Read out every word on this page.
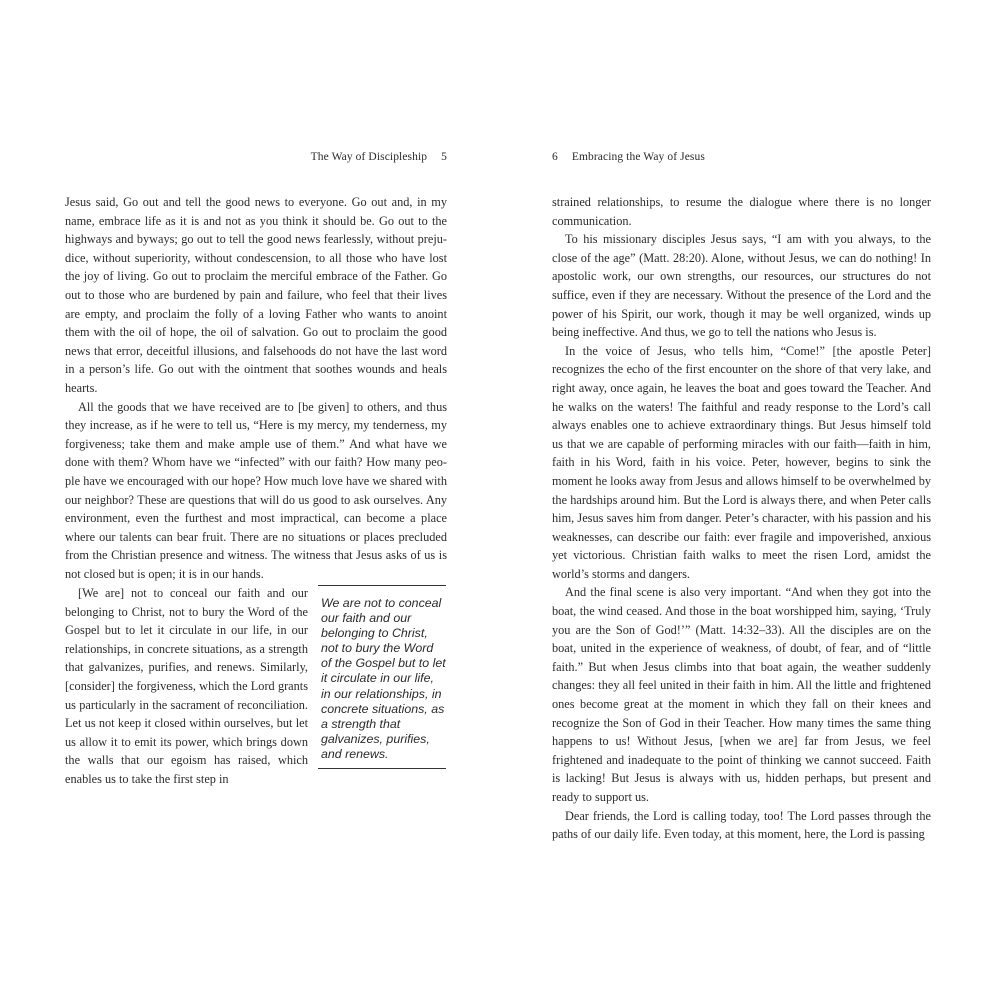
The Way of Discipleship 5

Jesus said, Go out and tell the good news to everyone. Go out and, in my name, embrace life as it is and not as you think it should be. Go out to the highways and byways; go out to tell the good news fearlessly, without prejudice, without superiority, without condescension, to all those who have lost the joy of living. Go out to proclaim the merciful embrace of the Father. Go out to those who are burdened by pain and failure, who feel that their lives are empty, and proclaim the folly of a loving Father who wants to anoint them with the oil of hope, the oil of salvation. Go out to proclaim the good news that error, deceitful illusions, and falsehoods do not have the last word in a person’s life. Go out with the ointment that soothes wounds and heals hearts.

All the goods that we have received are to [be given] to others, and thus they increase, as if he were to tell us, “Here is my mercy, my tenderness, my forgiveness; take them and make ample use of them.” And what have we done with them? Whom have we “infected” with our faith? How many people have we encouraged with our hope? How much love have we shared with our neighbor? These are questions that will do us good to ask ourselves. Any environment, even the furthest and most impractical, can become a place where our talents can bear fruit. There are no situations or places precluded from the Christian presence and witness. The witness that Jesus asks of us is not closed but is open; it is in our hands.

[We are] not to conceal our faith and our belonging to Christ, not to bury the Word of the Gospel but to let it circulate in our life, in our relationships, in concrete situations, as a strength that galvanizes, purifies, and renews. Similarly, [consider] the forgiveness, which the Lord grants us particularly in the sacrament of reconciliation. Let us not keep it closed within ourselves, but let us allow it to emit its power, which brings down the walls that our egoism has raised, which enables us to take the first step in

We are not to conceal our faith and our belonging to Christ, not to bury the Word of the Gospel but to let it circulate in our life, in our relationships, in concrete situations, as a strength that galvanizes, purifies, and renews.
6 Embracing the Way of Jesus

strained relationships, to resume the dialogue where there is no longer communication.

To his missionary disciples Jesus says, “I am with you always, to the close of the age” (Matt. 28:20). Alone, without Jesus, we can do nothing! In apostolic work, our own strengths, our resources, our structures do not suffice, even if they are necessary. Without the presence of the Lord and the power of his Spirit, our work, though it may be well organized, winds up being ineffective. And thus, we go to tell the nations who Jesus is.

In the voice of Jesus, who tells him, “Come!” [the apostle Peter] recognizes the echo of the first encounter on the shore of that very lake, and right away, once again, he leaves the boat and goes toward the Teacher. And he walks on the waters! The faithful and ready response to the Lord’s call always enables one to achieve extraordinary things. But Jesus himself told us that we are capable of performing miracles with our faith—faith in him, faith in his Word, faith in his voice. Peter, however, begins to sink the moment he looks away from Jesus and allows himself to be overwhelmed by the hardships around him. But the Lord is always there, and when Peter calls him, Jesus saves him from danger. Peter’s character, with his passion and his weaknesses, can describe our faith: ever fragile and impoverished, anxious yet victorious. Christian faith walks to meet the risen Lord, amidst the world’s storms and dangers.

And the final scene is also very important. “And when they got into the boat, the wind ceased. And those in the boat worshipped him, saying, ‘Truly you are the Son of God!’” (Matt. 14:32–33). All the disciples are on the boat, united in the experience of weakness, of doubt, of fear, and of “little faith.” But when Jesus climbs into that boat again, the weather suddenly changes: they all feel united in their faith in him. All the little and frightened ones become great at the moment in which they fall on their knees and recognize the Son of God in their Teacher. How many times the same thing happens to us! Without Jesus, [when we are] far from Jesus, we feel frightened and inadequate to the point of thinking we cannot succeed. Faith is lacking! But Jesus is always with us, hidden perhaps, but present and ready to support us.

Dear friends, the Lord is calling today, too! The Lord passes through the paths of our daily life. Even today, at this moment, here, the Lord is passing
